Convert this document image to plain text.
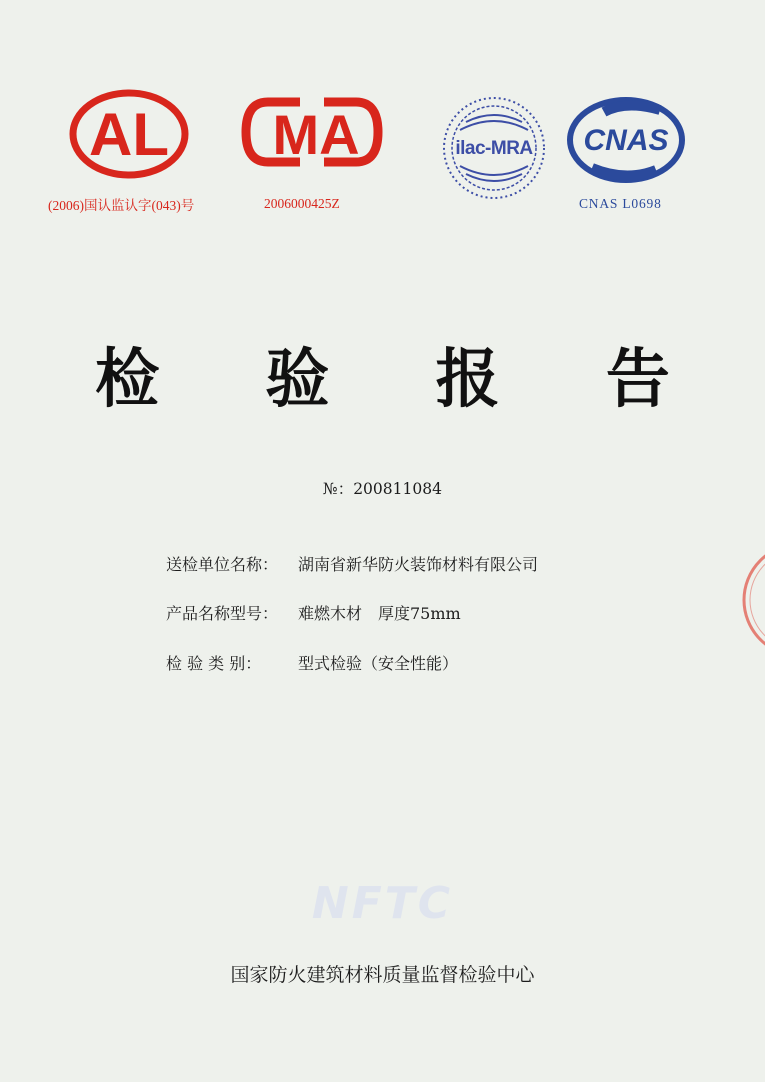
AL
(2006)国认监认字(043)号
MA
2006000425Z
ilac-MRA CNAS
CNAS L0698
检 验 报 告
№：200811084
送检单位名称： 湖南省新华防火装饰材料有限公司
产品名称型号： 难燃木材　厚度75mm
检 验 类 别： 型式检验（安全性能）
NFTC
国家防火建筑材料质量监督检验中心
